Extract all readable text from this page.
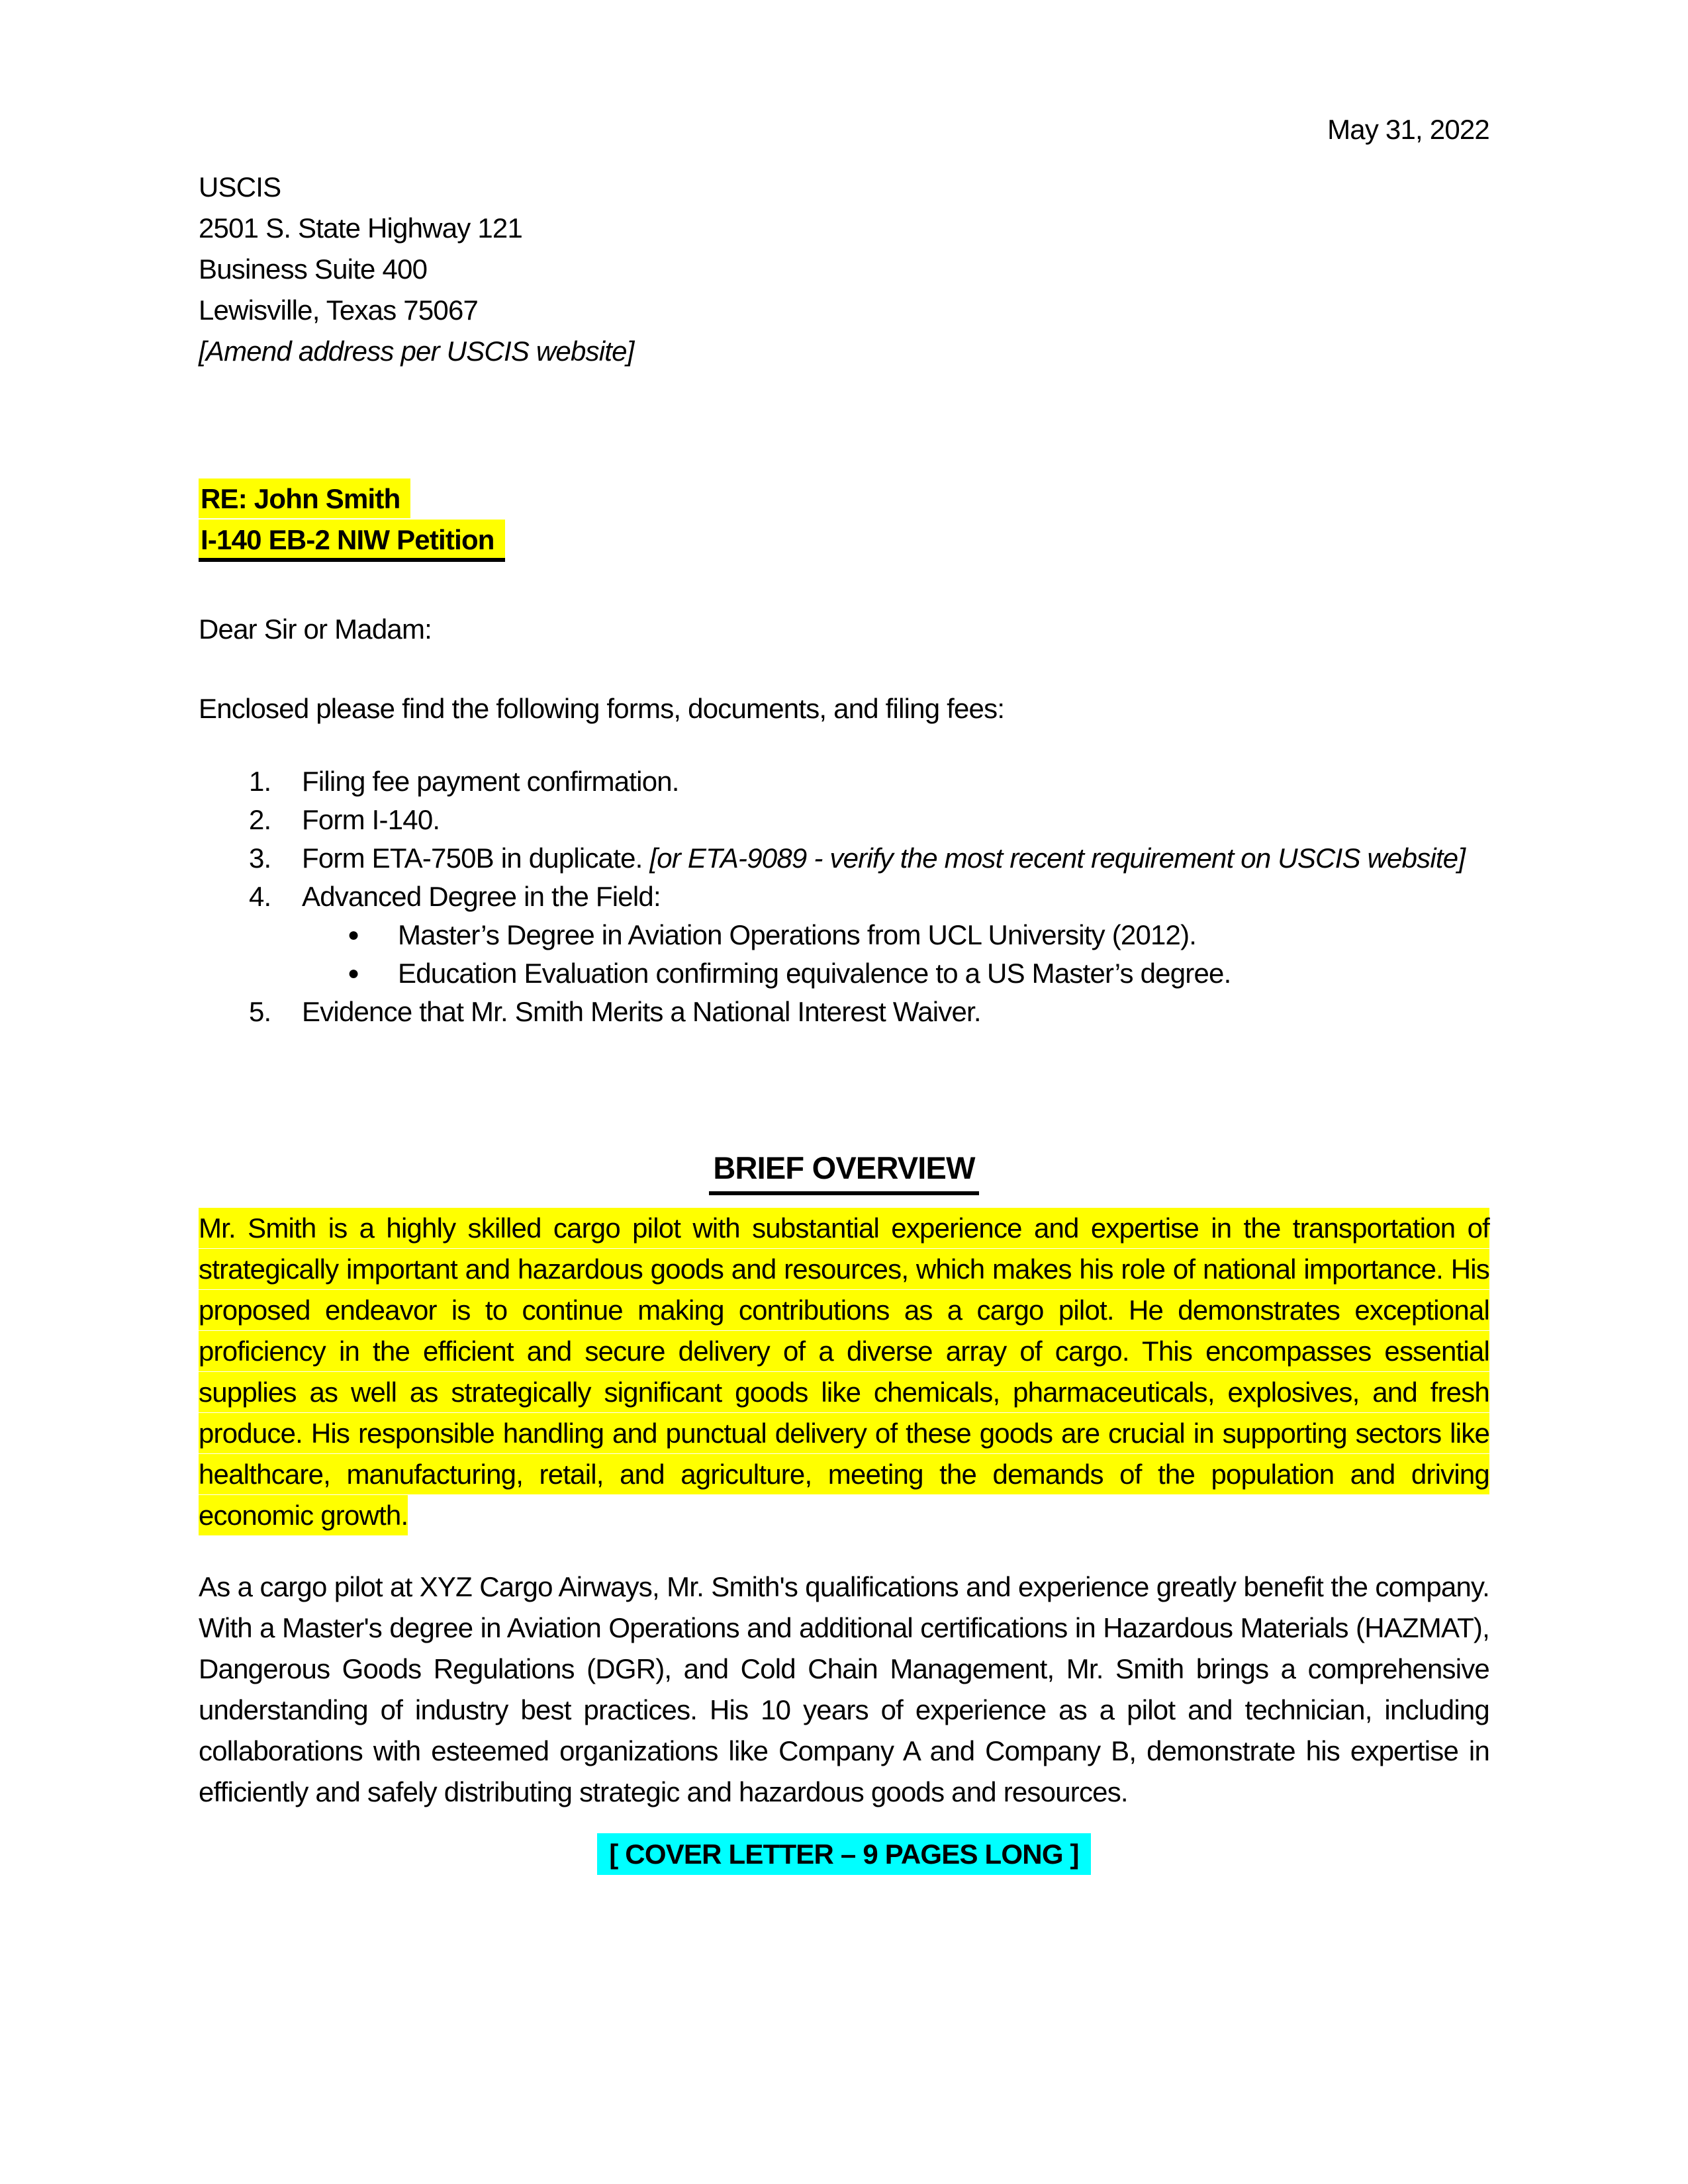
May 31, 2022
USCIS
2501 S. State Highway 121
Business Suite 400
Lewisville, Texas 75067
[Amend address per USCIS website]
RE: John Smith
I-140 EB-2 NIW Petition
Dear Sir or Madam:
Enclosed please find the following forms, documents, and filing fees:
1. Filing fee payment confirmation.
2. Form I-140.
3. Form ETA-750B in duplicate. [or ETA-9089 - verify the most recent requirement on USCIS website]
4. Advanced Degree in the Field:
● Master’s Degree in Aviation Operations from UCL University (2012).
● Education Evaluation confirming equivalence to a US Master’s degree.
5. Evidence that Mr. Smith Merits a National Interest Waiver.
BRIEF OVERVIEW
Mr. Smith is a highly skilled cargo pilot with substantial experience and expertise in the transportation of strategically important and hazardous goods and resources, which makes his role of national importance. His proposed endeavor is to continue making contributions as a cargo pilot. He demonstrates exceptional proficiency in the efficient and secure delivery of a diverse array of cargo. This encompasses essential supplies as well as strategically significant goods like chemicals, pharmaceuticals, explosives, and fresh produce. His responsible handling and punctual delivery of these goods are crucial in supporting sectors like healthcare, manufacturing, retail, and agriculture, meeting the demands of the population and driving economic growth.
As a cargo pilot at XYZ Cargo Airways, Mr. Smith's qualifications and experience greatly benefit the company. With a Master's degree in Aviation Operations and additional certifications in Hazardous Materials (HAZMAT), Dangerous Goods Regulations (DGR), and Cold Chain Management, Mr. Smith brings a comprehensive understanding of industry best practices. His 10 years of experience as a pilot and technician, including collaborations with esteemed organizations like Company A and Company B, demonstrate his expertise in efficiently and safely distributing strategic and hazardous goods and resources.
[ COVER LETTER – 9 PAGES LONG ]
